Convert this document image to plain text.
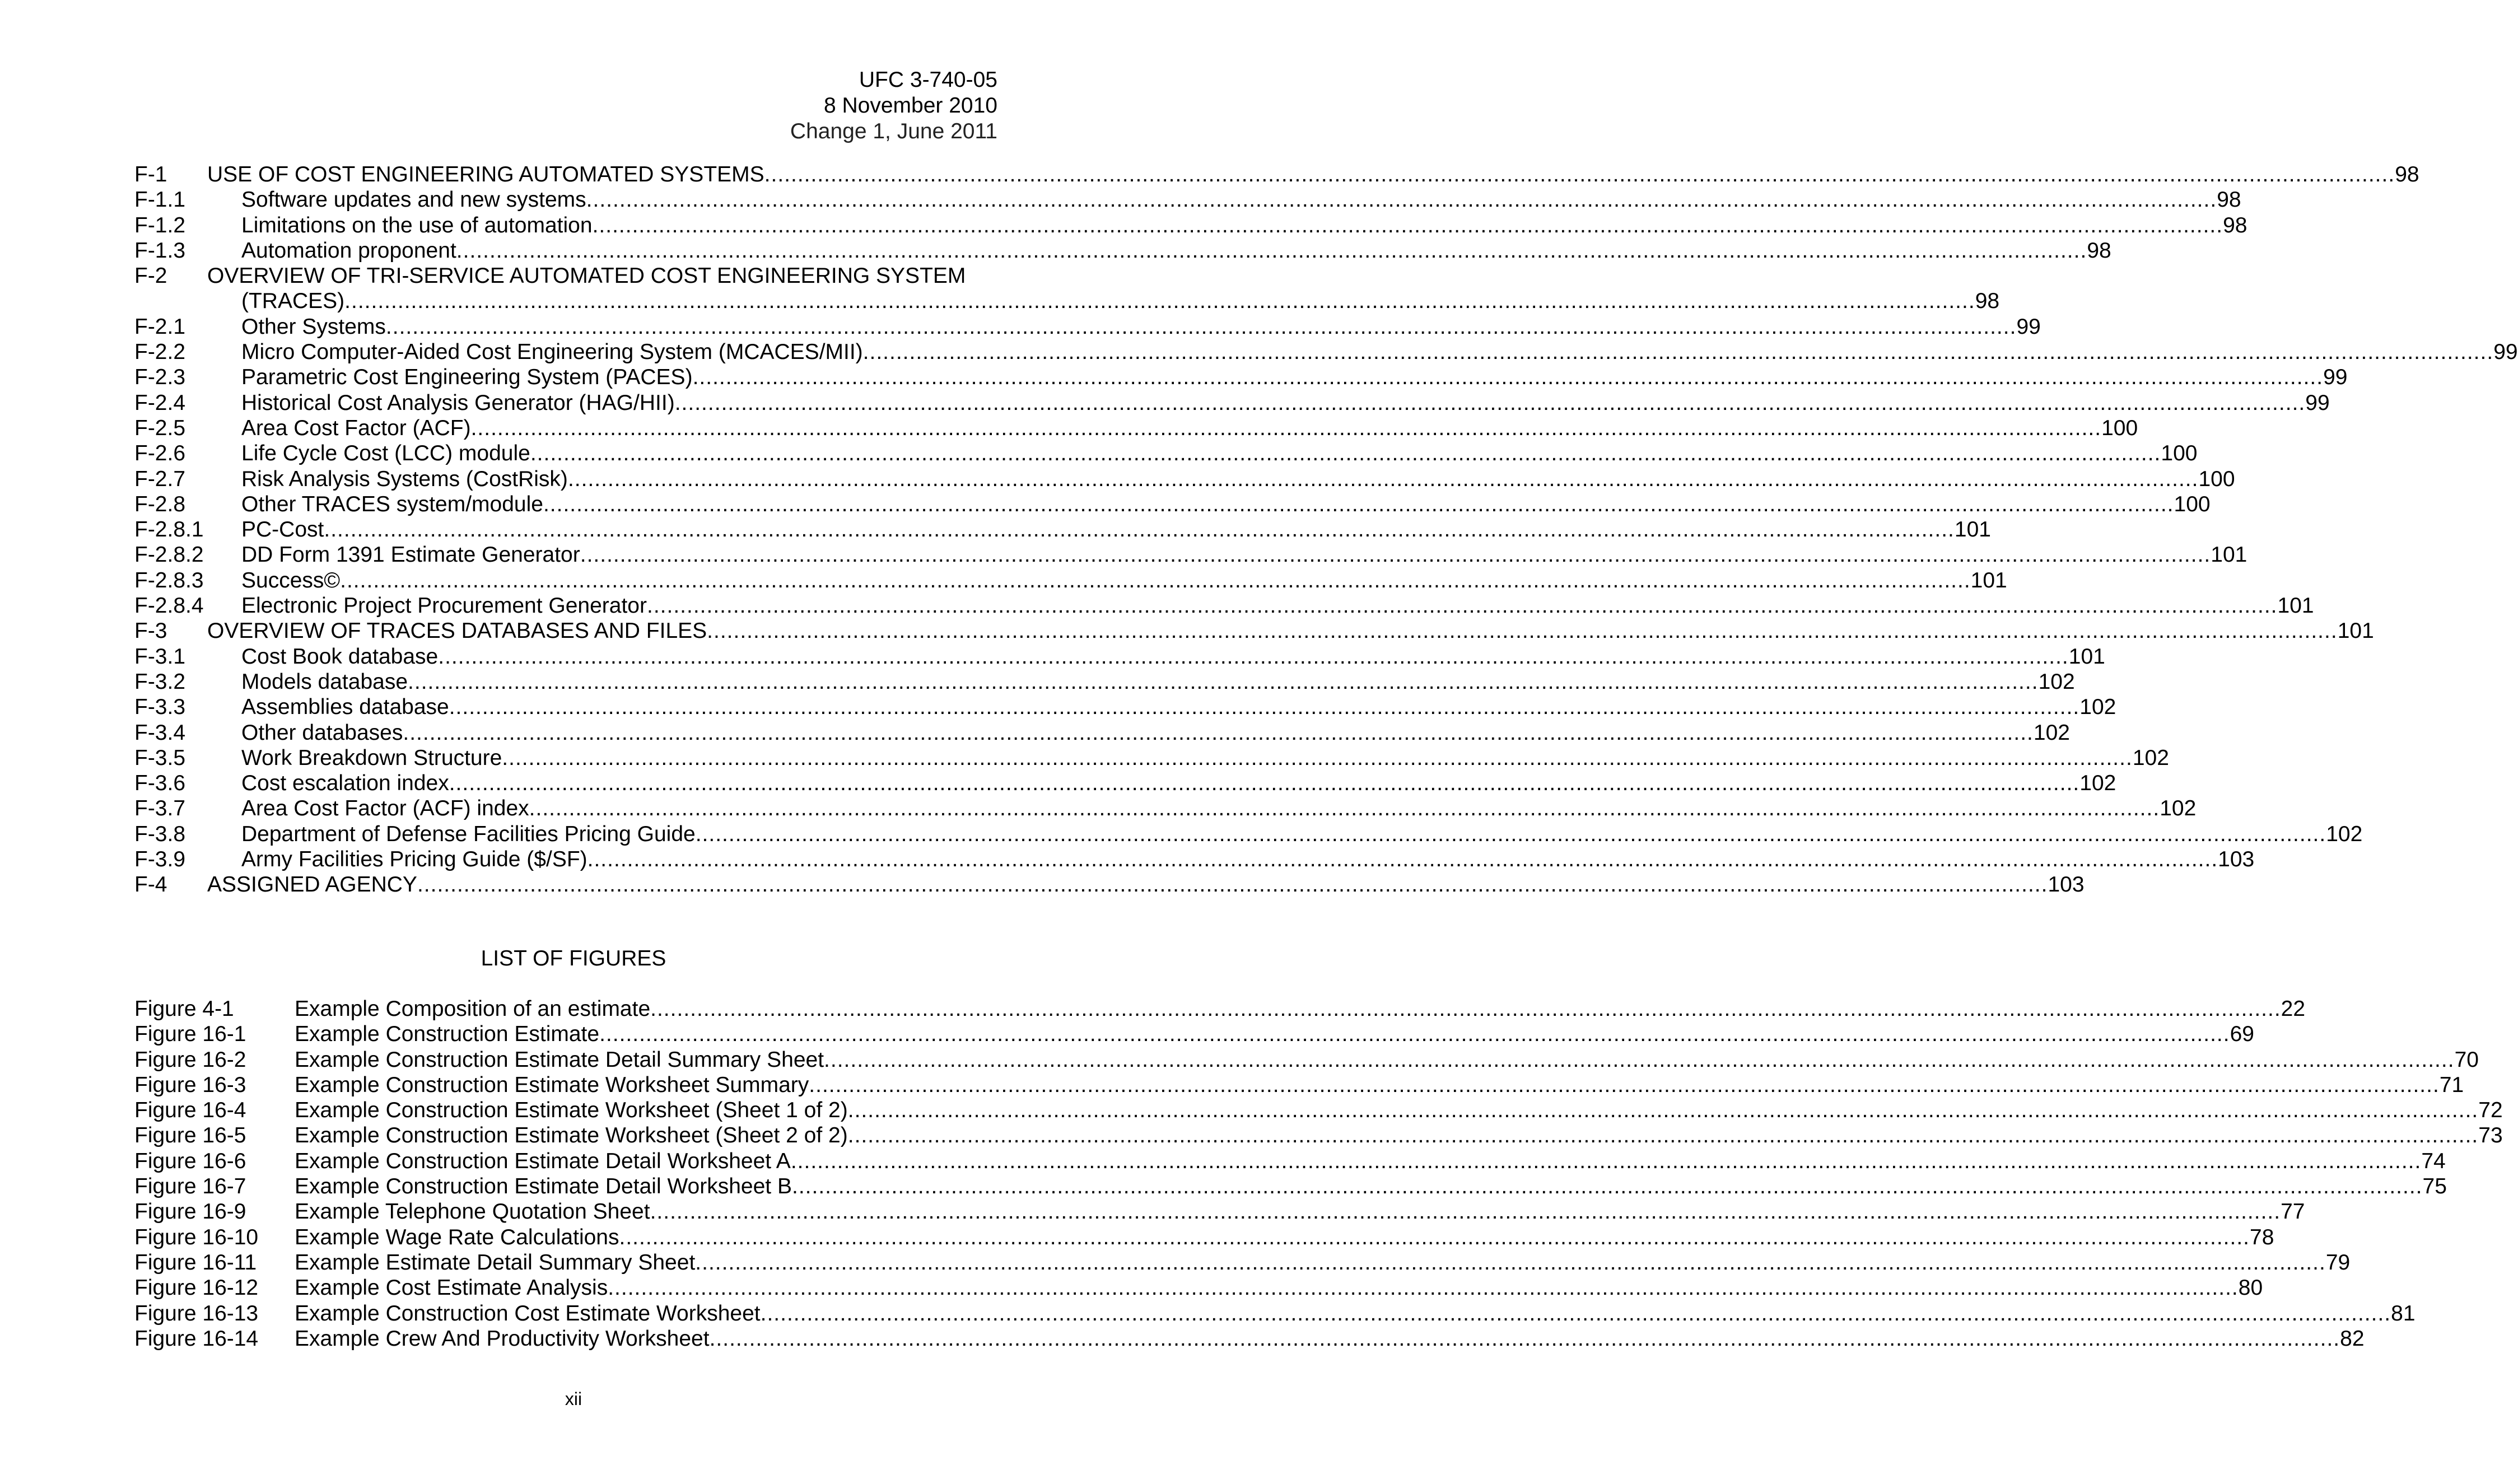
UFC 3-740-05
8 November 2010
Change 1, June 2011
F-1 USE OF COST ENGINEERING AUTOMATED SYSTEMS .....	98
F-1.1	Software updates and new systems .....	98
F-1.2	Limitations on the use of automation .....	98
F-1.3	Automation proponent .....	98
F-2 OVERVIEW OF TRI-SERVICE AUTOMATED COST ENGINEERING SYSTEM
(TRACES) .....	98
F-2.1	Other Systems .....	99
F-2.2	Micro Computer-Aided Cost Engineering System (MCACES/MII) .....	99
F-2.3	Parametric Cost Engineering System (PACES) .....	99
F-2.4	Historical Cost Analysis Generator (HAG/HII) .....	99
F-2.5	Area Cost Factor (ACF) .....	100
F-2.6	Life Cycle Cost (LCC) module .....	100
F-2.7	Risk Analysis Systems (CostRisk) .....	100
F-2.8	Other TRACES system/module .....	100
F-2.8.1 PC-Cost .....	101
F-2.8.2 DD Form 1391 Estimate Generator .....	101
F-2.8.3 Success© .....	101
F-2.8.4 Electronic Project Procurement Generator .....	101
F-3 OVERVIEW OF TRACES DATABASES AND FILES .....	101
F-3.1	Cost Book database .....	101
F-3.2	Models database .....	102
F-3.3	Assemblies database .....	102
F-3.4	Other databases .....	102
F-3.5	Work Breakdown Structure .....	102
F-3.6	Cost escalation index .....	102
F-3.7	Area Cost Factor (ACF) index .....	102
F-3.8	Department of Defense Facilities Pricing Guide .....	102
F-3.9	Army Facilities Pricing Guide ($/SF) .....	103
F-4 ASSIGNED AGENCY .....	103
LIST OF FIGURES
Figure 4-1	Example Composition of an estimate .....	22
Figure 16-1	Example Construction Estimate .....	69
Figure 16-2	Example Construction Estimate Detail Summary Sheet .....	70
Figure 16-3	Example Construction Estimate Worksheet Summary .....	71
Figure 16-4	Example Construction Estimate Worksheet (Sheet 1 of 2) .....	72
Figure 16-5	Example Construction Estimate Worksheet (Sheet 2 of 2) .....	73
Figure 16-6	Example Construction Estimate Detail Worksheet A .....	74
Figure 16-7	Example Construction Estimate Detail Worksheet B .....	75
Figure 16-9	Example Telephone Quotation Sheet .....	77
Figure 16-10	Example Wage Rate Calculations .....	78
Figure 16-11	Example Estimate Detail Summary Sheet .....	79
Figure 16-12	Example Cost Estimate Analysis .....	80
Figure 16-13	Example Construction Cost Estimate Worksheet .....	81
Figure 16-14	Example Crew And Productivity Worksheet .....	82
xii
